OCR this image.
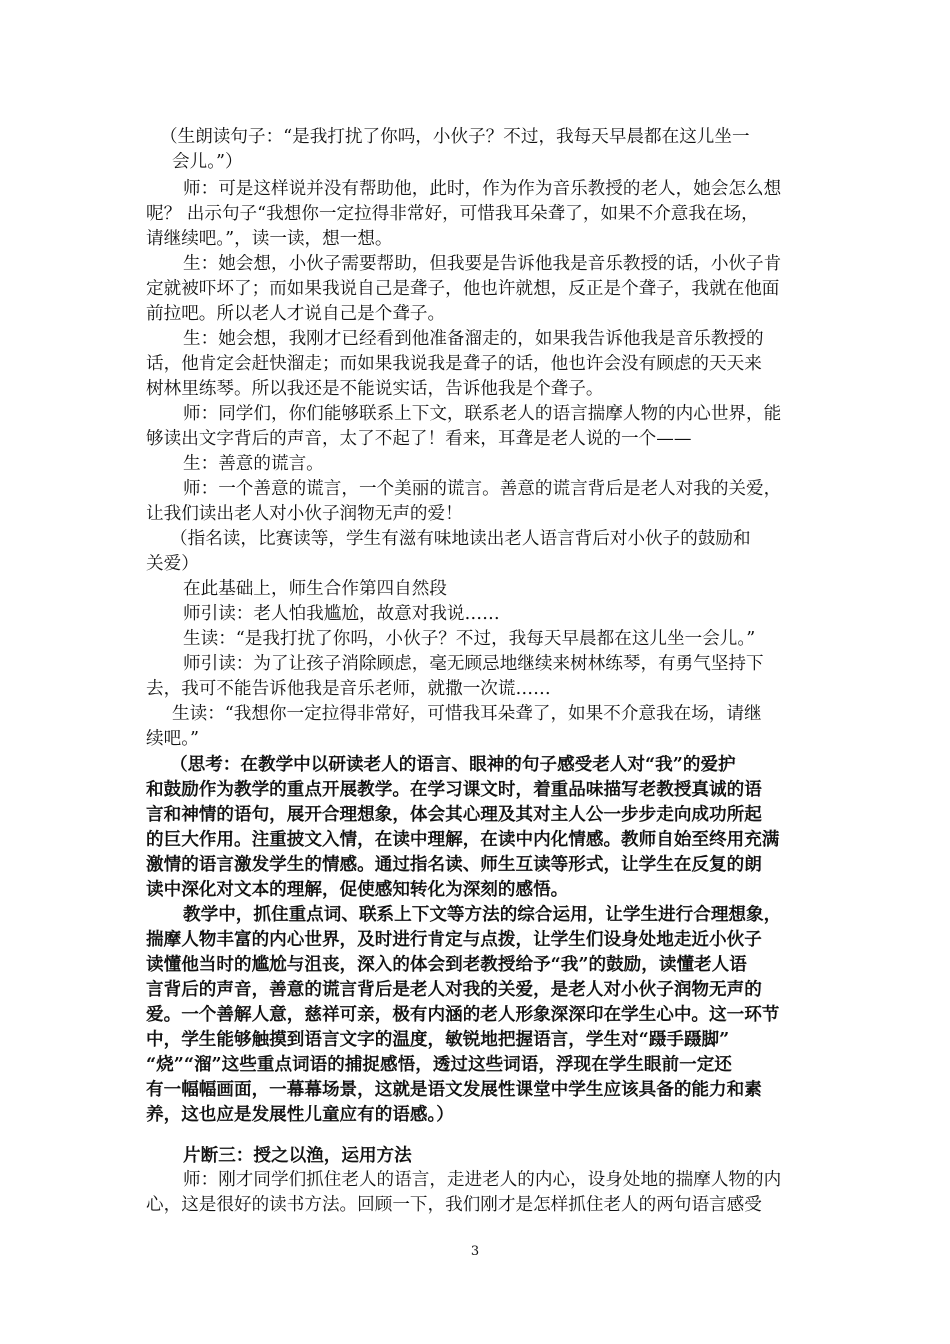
（生朗读句子：“是我打扰了你吗，小伙子？不过，我每天早晨都在这儿坐一
会儿。”）
师：可是这样说并没有帮助他，此时，作为作为音乐教授的老人，她会怎么想
呢？ 出示句子“我想你一定拉得非常好，可惜我耳朵聋了，如果不介意我在场，
请继续吧。”，读一读，想一想。
生：她会想，小伙子需要帮助，但我要是告诉他我是音乐教授的话，小伙子肯
定就被吓坏了；而如果我说自己是聋子，他也许就想，反正是个聋子，我就在他面
前拉吧。所以老人才说自己是个聋子。
生：她会想，我刚才已经看到他准备溜走的，如果我告诉他我是音乐教授的
话，他肯定会赶快溜走；而如果我说我是聋子的话，他也许会没有顾虑的天天来
树林里练琴。所以我还是不能说实话，告诉他我是个聋子。
师：同学们，你们能够联系上下文，联系老人的语言揣摩人物的内心世界，能
够读出文字背后的声音，太了不起了！看来，耳聋是老人说的一个——
生：善意的谎言。
师：一个善意的谎言，一个美丽的谎言。善意的谎言背后是老人对我的关爱，
让我们读出老人对小伙子润物无声的爱！
（指名读，比赛读等，学生有滋有味地读出老人语言背后对小伙子的鼓励和
关爱）
在此基础上，师生合作第四自然段
师引读：老人怕我尴尬，故意对我说……
生读：“是我打扰了你吗，小伙子？不过，我每天早晨都在这儿坐一会儿。”
师引读：为了让孩子消除顾虑，毫无顾忌地继续来树林练琴，有勇气坚持下
去，我可不能告诉他我是音乐老师，就撒一次谎……
生读：“我想你一定拉得非常好，可惜我耳朵聋了，如果不介意我在场，请继
续吧。”
（思考：在教学中以研读老人的语言、眼神的句子感受老人对“我”的爱护
和鼓励作为教学的重点开展教学。在学习课文时，着重品味描写老教授真诚的语
言和神情的语句，展开合理想象，体会其心理及其对主人公一步步走向成功所起
的巨大作用。注重披文入情，在读中理解，在读中内化情感。教师自始至终用充满
激情的语言激发学生的情感。通过指名读、师生互读等形式，让学生在反复的朗
读中深化对文本的理解，促使感知转化为深刻的感悟。
教学中，抓住重点词、联系上下文等方法的综合运用，让学生进行合理想象，
揣摩人物丰富的内心世界，及时进行肯定与点拨，让学生们设身处地走近小伙子
读懂他当时的尴尬与沮丧，深入的体会到老教授给予“我”的鼓励，读懂老人语
言背后的声音，善意的谎言背后是老人对我的关爱，是老人对小伙子润物无声的
爱。一个善解人意，慈祥可亲，极有内涵的老人形象深深印在学生心中。这一环节
中，学生能够触摸到语言文字的温度，敏锐地把握语言，学生对“蹑手蹑脚”
“烧”“溜”这些重点词语的捕捉感悟，透过这些词语，浮现在学生眼前一定还
有一幅幅画面，一幕幕场景，这就是语文发展性课堂中学生应该具备的能力和素
养，这也应是发展性儿童应有的语感。）
片断三：授之以渔，运用方法
师：刚才同学们抓住老人的语言，走进老人的内心，设身处地的揣摩人物的内
心，这是很好的读书方法。回顾一下，我们刚才是怎样抓住老人的两句语言感受
3
